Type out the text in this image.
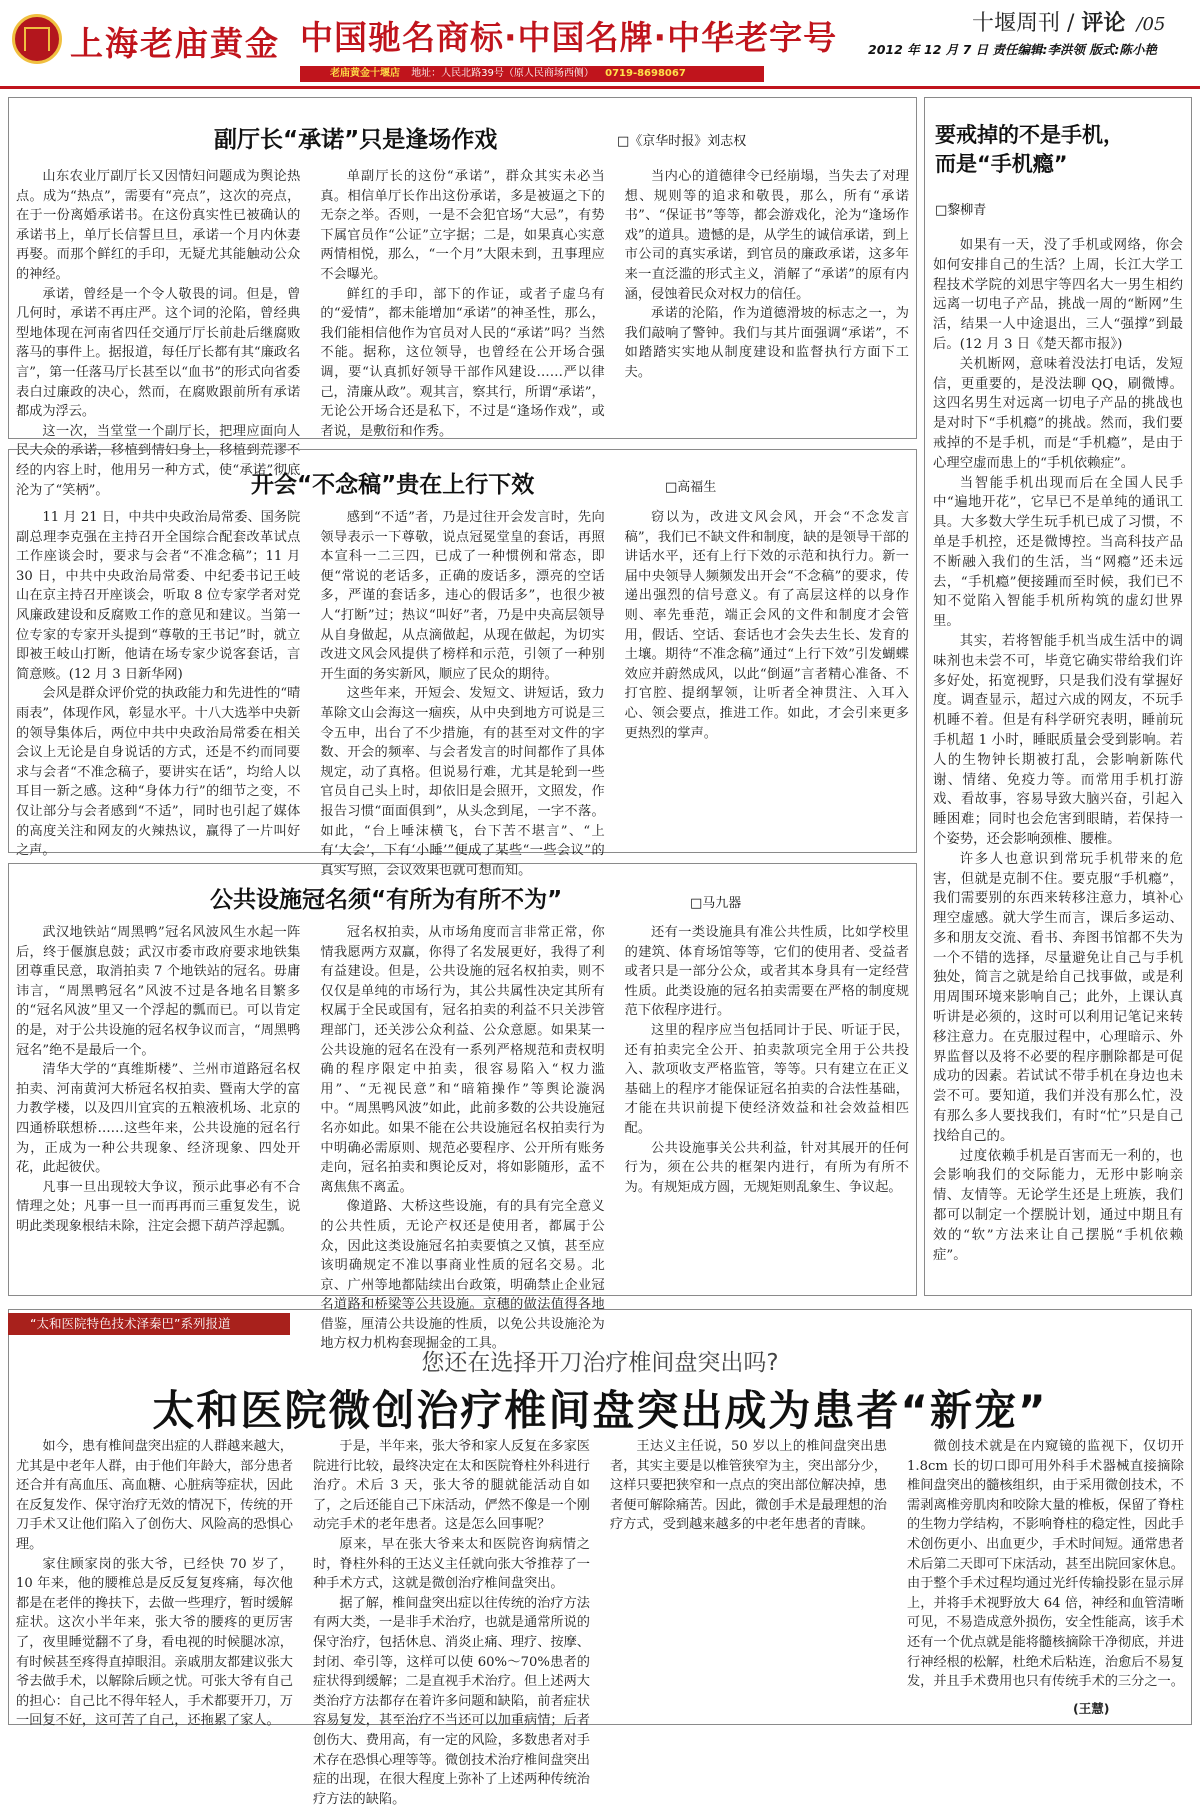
上海老庙黄金 中国驰名商标·中国名牌·中华老字号
老庙黄金十堰店 地址：人民北路39号（原人民商场西侧） 0719-8698067
十堰周刊 / 评论 /05
2012 年 12 月 7 日 责任编辑:李洪领 版式:陈小艳
副厅长“承诺”只是逢场作戏	□《京华时报》刘志权

山东农业厅副厅长又因情妇问题成为舆论热点。成为“热点”，需要有“亮点”，这次的亮点，在于一份离婚承诺书。在这份真实性已被确认的承诺书上，单厅长信誓旦旦，承诺一个月内休妻再娶。而那个鲜红的手印，无疑尤其能触动公众的神经。

承诺，曾经是一个令人敬畏的词。但是，曾几何时，承诺不再庄严。这个词的沦陷，曾经典型地体现在河南省四任交通厅厅长前赴后继腐败落马的事件上。据报道，每任厅长都有其“廉政名言”，第一任落马厅长甚至以“血书”的形式向省委表白过廉政的决心，然而，在腐败跟前所有承诺都成为浮云。

这一次，当堂堂一个副厅长，把理应面向人民大众的承诺，移植到情妇身上，移植到荒谬不经的内容上时，他用另一种方式，使“承诺”彻底沦为了“笑柄”。

单副厅长的这份“承诺”，群众其实未必当真。相信单厅长作出这份承诺，多是被逼之下的无奈之举。否则，一是不会犯官场“大忌”，有势下属官员作“公证”立字据；二是，如果真心实意两情相悦，那么，“一个月”大限未到，丑事理应不会曝光。

鲜红的手印，部下的作证，或者子虚乌有的“爱情”，都未能增加“承诺”的神圣性，那么，我们能相信他作为官员对人民的“承诺”吗？当然不能。据称，这位领导，也曾经在公开场合强调，要“认真抓好领导干部作风建设……严以律己，清廉从政”。观其言，察其行，所谓“承诺”，无论公开场合还是私下，不过是“逢场作戏”，或者说，是敷衍和作秀。

当内心的道德律令已经崩塌，当失去了对理想、规则等的追求和敬畏，那么，所有“承诺书”、“保证书”等等，都会游戏化，沦为“逢场作戏”的道具。遗憾的是，从学生的诚信承诺，到上市公司的真实承诺，到官员的廉政承诺，这多年来一直泛滥的形式主义，消解了“承诺”的原有内涵，侵蚀着民众对权力的信任。

承诺的沦陷，作为道德滑坡的标志之一，为我们敲响了警钟。我们与其片面强调“承诺”，不如踏踏实实地从制度建设和监督执行方面下工夫。

开会“不念稿”贵在上行下效	□高福生

11 月 21 日，中共中央政治局常委、国务院副总理李克强在主持召开全国综合配套改革试点工作座谈会时，要求与会者“不准念稿”；11 月 30 日，中共中央政治局常委、中纪委书记王岐山在京主持召开座谈会，听取 8 位专家学者对党风廉政建设和反腐败工作的意见和建议。当第一位专家的专家开头提到“尊敬的王书记”时，就立即被王岐山打断，他请在场专家少说客套话，言简意赅。(12 月 3 日新华网)

会风是群众评价党的执政能力和先进性的“晴雨表”，体现作风，彰显水平。十八大选举中央新的领导集体后，两位中共中央政治局常委在相关会议上无论是自身说话的方式，还是不约而同要求与会者“不准念稿子，要讲实在话”，均给人以耳目一新之感。这种“身体力行”的细节之变，不仅让部分与会者感到“不适”，同时也引起了媒体的高度关注和网友的火辣热议，赢得了一片叫好之声。

感到“不适”者，乃是过往开会发言时，先向领导表示一下尊敬，说点冠冕堂皇的套话，再照本宣科一二三四，已成了一种惯例和常态，即便“常说的老话多，正确的废话多，漂亮的空话多，严谨的套话多，违心的假话多”，也很少被人“打断”过；热议“叫好”者，乃是中央高层领导从自身做起，从点滴做起，从现在做起，为切实改进文风会风提供了榜样和示范，引领了一种别开生面的务实新风，顺应了民众的期待。

这些年来，开短会、发短文、讲短话，致力革除文山会海这一痼疾，从中央到地方可说是三令五申，出台了不少措施，有的甚至对文件的字数、开会的频率、与会者发言的时间都作了具体规定，动了真格。但说易行难，尤其是轮到一些官员自己头上时，却依旧是会照开，文照发，作报告习惯“面面俱到”，从头念到尾，一字不落。如此，“台上唾沫横飞，台下苦不堪言”、“上有‘大会’，下有‘小睡’”便成了某些“一些会议”的真实写照，会议效果也就可想而知。

窃以为，改进文风会风，开会“不念发言稿”，我们已不缺文件和制度，缺的是领导干部的讲话水平，还有上行下效的示范和执行力。新一届中央领导人频频发出开会“不念稿”的要求，传递出强烈的信号意义。有了高层这样的以身作则、率先垂范，端正会风的文件和制度才会管用，假话、空话、套话也才会失去生长、发育的土壤。期待“不准念稿”通过“上行下效”引发蝴蝶效应并蔚然成风，以此“倒逼”言者精心准备、不打官腔、提纲挈领，让听者全神贯注、入耳入心、领会要点，推进工作。如此，才会引来更多更热烈的掌声。

公共设施冠名须“有所为有所不为”	□马九器

武汉地铁站“周黑鸭”冠名风波风生水起一阵后，终于偃旗息鼓；武汉市委市政府要求地铁集团尊重民意，取消拍卖 7 个地铁站的冠名。毋庸讳言，“周黑鸭冠名”风波不过是各地名目繁多的“冠名风波”里又一个浮起的瓢而已。可以肯定的是，对于公共设施的冠名权争议而言，“周黑鸭冠名”绝不是最后一个。

清华大学的“真维斯楼”、兰州市道路冠名权拍卖、河南黄河大桥冠名权拍卖、暨南大学的富力教学楼，以及四川宜宾的五粮液机场、北京的四通桥联想桥……这些年来，公共设施的冠名行为，正成为一种公共现象、经济现象、四处开花，此起彼伏。

凡事一旦出现较大争议，预示此事必有不合情理之处；凡事一旦一而再再而三重复发生，说明此类现象根结未除，注定会摁下葫芦浮起瓢。

冠名权拍卖，从市场角度而言非常正常，你情我愿两方双赢，你得了名发展更好，我得了利有益建设。但是，公共设施的冠名权拍卖，则不仅仅是单纯的市场行为，其公共属性决定其所有权属于全民或国有，冠名拍卖的利益不只关涉管理部门，还关涉公众利益、公众意愿。如果某一公共设施的冠名在没有一系列严格规范和责权明确的程序限定中拍卖，很容易陷入“权力滥用”、“无视民意”和“暗箱操作”等舆论漩涡中。“周黑鸭风波”如此，此前多数的公共设施冠名亦如此。如果不能在公共设施冠名权拍卖行为中明确必需原则、规范必要程序、公开所有账务走向，冠名拍卖和舆论反对，将如影随形，孟不离焦焦不离孟。

像道路、大桥这些设施，有的具有完全意义的公共性质，无论产权还是使用者，都属于公众，因此这类设施冠名拍卖要慎之又慎，甚至应该明确规定不准以事商业性质的冠名交易。北京、广州等地都陆续出台政策，明确禁止企业冠名道路和桥梁等公共设施。京穗的做法值得各地借鉴，厘清公共设施的性质，以免公共设施沦为地方权力机构套现掘金的工具。

还有一类设施具有准公共性质，比如学校里的建筑、体育场馆等等，它们的使用者、受益者或者只是一部分公众，或者其本身具有一定经营性质。此类设施的冠名拍卖需要在严格的制度规范下依程序进行。

这里的程序应当包括同计于民、听证于民，还有拍卖完全公开、拍卖款项完全用于公共投入、款项收支严格监管，等等。只有建立在正义基础上的程序才能保证冠名拍卖的合法性基础，才能在共识前提下使经济效益和社会效益相匹配。

公共设施事关公共利益，针对其展开的任何行为，须在公共的框架内进行，有所为有所不为。有规矩成方圆，无规矩则乱象生、争议起。

要戒掉的不是手机，
而是“手机瘾”
□黎柳青

如果有一天，没了手机或网络，你会如何安排自己的生活？上周，长江大学工程技术学院的刘思宇等四名大一男生相约远离一切电子产品，挑战一周的“断网”生活，结果一人中途退出，三人“强撑”到最后。(12 月 3 日《楚天都市报》)

关机断网，意味着没法打电话，发短信，更重要的，是没法聊 QQ，刷微博。这四名男生对远离一切电子产品的挑战也是对时下“手机瘾”的挑战。然而，我们要戒掉的不是手机，而是“手机瘾”，是由于心理空虚而患上的“手机依赖症”。

当智能手机出现而后在全国人民手中“遍地开花”，它早已不是单纯的通讯工具。大多数大学生玩手机已成了习惯，不单是手机控，还是微博控。当高科技产品不断融入我们的生活，当“网瘾”还未远去，“手机瘾”便接踵而至时候，我们已不知不觉陷入智能手机所构筑的虚幻世界里。

其实，若将智能手机当成生活中的调味剂也未尝不可，毕竟它确实带给我们许多好处，拓宽视野，只是我们没有掌握好度。调查显示，超过六成的网友，不玩手机睡不着。但是有科学研究表明，睡前玩手机超 1 小时，睡眠质量会受到影响。若人的生物钟长期被打乱，会影响新陈代谢、情绪、免疫力等。而常用手机打游戏、看故事，容易导致大脑兴奋，引起入睡困难；同时也会危害到眼睛，若保持一个姿势，还会影响颈椎、腰椎。

许多人也意识到常玩手机带来的危害，但就是克制不住。要克服“手机瘾”，我们需要别的东西来转移注意力，填补心理空虚感。就大学生而言，课后多运动、多和朋友交流、看书、奔图书馆都不失为一个不错的选择，尽量避免让自己与手机独处，简言之就是给自己找事做，或是利用周围环境来影响自己；此外，上课认真听讲是必须的，这时可以利用记笔记来转移注意力。在克服过程中，心理暗示、外界监督以及将不必要的程序删除都是可促成功的因素。若试试不带手机在身边也未尝不可。要知道，我们并没有那么忙，没有那么多人要找我们，有时“忙”只是自己找给自己的。

过度依赖手机是百害而无一利的，也会影响我们的交际能力，无形中影响亲情、友情等。无论学生还是上班族，我们都可以制定一个摆脱计划，通过中期且有效的“软”方法来让自己摆脱“手机依赖症”。

“太和医院特色技术泽秦巴”系列报道
您还在选择开刀治疗椎间盘突出吗?
太和医院微创治疗椎间盘突出成为患者“新宠”

如今，患有椎间盘突出症的人群越来越大，尤其是中老年人群，由于他们年龄大，部分患者还合并有高血压、高血糖、心脏病等症状，因此在反复发作、保守治疗无效的情况下，传统的开刀手术又让他们陷入了创伤大、风险高的恐惧心理。

家住顾家岗的张大爷，已经快 70 岁了，10 年来，他的腰椎总是反反复复疼痛，每次他都是在老伴的搀扶下，去做一些理疗，暂时缓解症状。这次小半年来，张大爷的腰疼的更厉害了，夜里睡觉翻不了身，看电视的时候腿冰凉，有时候甚至疼得直掉眼泪。亲戚朋友都建议张大爷去做手术，以解除后顾之忧。可张大爷有自己的担心：自己比不得年轻人，手术都要开刀，万一回复不好，这可苦了自己，还拖累了家人。

于是，半年来，张大爷和家人反复在多家医院进行比较，最终决定在太和医院脊柱外科进行治疗。术后 3 天，张大爷的腿就能活动自如了，之后还能自己下床活动，俨然不像是一个刚动完手术的老年患者。这是怎么回事呢？

原来，早在张大爷来太和医院咨询病情之时，脊柱外科的王达义主任就向张大爷推荐了一种手术方式，这就是微创治疗椎间盘突出。

据了解，椎间盘突出症以往传统的治疗方法有两大类，一是非手术治疗，也就是通常所说的保守治疗，包括休息、消炎止痛、理疗、按摩、封闭、牵引等，这样可以使 60%～70%患者的症状得到缓解；二是直视手术治疗。但上述两大类治疗方法都存在着许多问题和缺陷，前者症状容易复发，甚至治疗不当还可以加重病情；后者创伤大、费用高，有一定的风险，多数患者对手术存在恐惧心理等等。微创技术治疗椎间盘突出症的出现，在很大程度上弥补了上述两种传统治疗方法的缺陷。

王达义主任说，50 岁以上的椎间盘突出患者，其实主要是以椎管狭窄为主，突出部分少，这样只要把狭窄和一点点的突出部位解决掉，患者便可解除痛苦。因此，微创手术是最理想的治疗方式，受到越来越多的中老年患者的青睐。

微创技术就是在内窥镜的监视下，仅切开 1.8cm 长的切口即可用外科手术器械直接摘除椎间盘突出的髓核组织，由于采用微创技术，不需剥离椎旁肌肉和咬除大量的椎板，保留了脊柱的生物力学结构，不影响脊柱的稳定性，因此手术创伤更小、出血更少，手术时间短。通常患者术后第二天即可下床活动，甚至出院回家休息。由于整个手术过程均通过光纤传输投影在显示屏上，并将手术视野放大 64 倍，神经和血管清晰可见，不易造成意外损伤，安全性能高，该手术还有一个优点就是能将髓核摘除干净彻底，并进行神经根的松解，杜绝术后粘连，治愈后不易复发，并且手术费用也只有传统手术的三分之一。

(王慧)
